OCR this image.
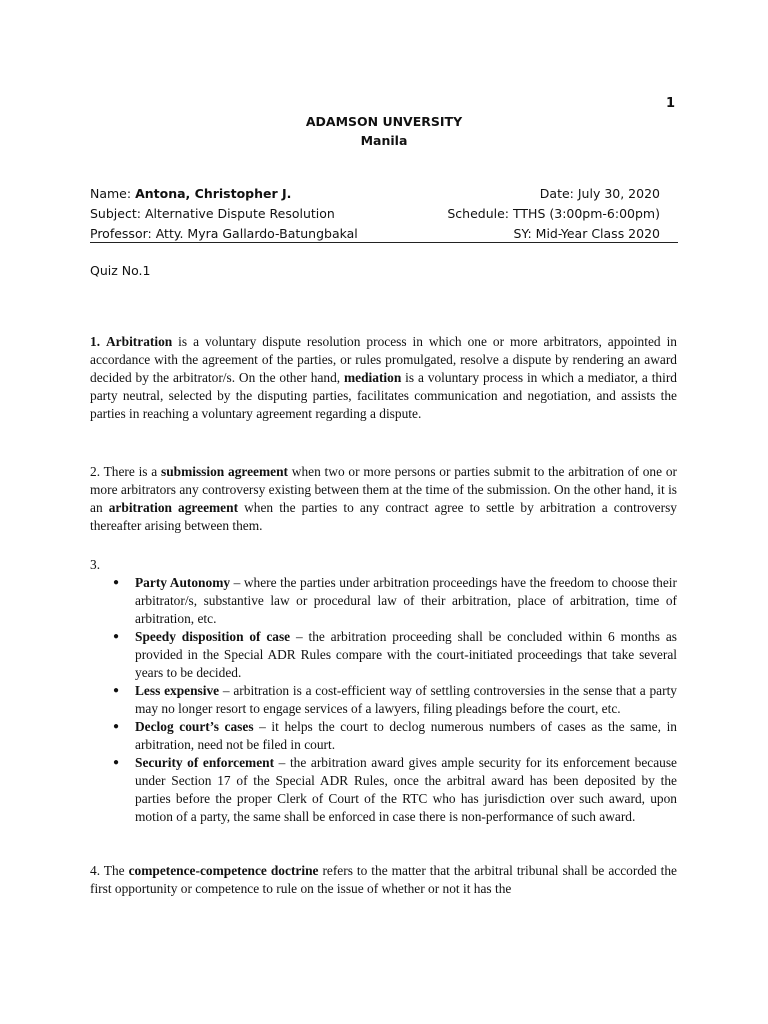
1
ADAMSON UNVERSITY
Manila
Name: Antona, Christopher J.	Date: July 30, 2020
Subject: Alternative Dispute Resolution	Schedule: TTHS (3:00pm-6:00pm)
Professor: Atty. Myra Gallardo-Batungbakal	SY: Mid-Year Class 2020
Quiz No.1
1. Arbitration is a voluntary dispute resolution process in which one or more arbitrators, appointed in accordance with the agreement of the parties, or rules promulgated, resolve a dispute by rendering an award decided by the arbitrator/s. On the other hand, mediation is a voluntary process in which a mediator, a third party neutral, selected by the disputing parties, facilitates communication and negotiation, and assists the parties in reaching a voluntary agreement regarding a dispute.
2. There is a submission agreement when two or more persons or parties submit to the arbitration of one or more arbitrators any controversy existing between them at the time of the submission. On the other hand, it is an arbitration agreement when the parties to any contract agree to settle by arbitration a controversy thereafter arising between them.
3.
● Party Autonomy – where the parties under arbitration proceedings have the freedom to choose their arbitrator/s, substantive law or procedural law of their arbitration, place of arbitration, time of arbitration, etc.
● Speedy disposition of case – the arbitration proceeding shall be concluded within 6 months as provided in the Special ADR Rules compare with the court-initiated proceedings that take several years to be decided.
● Less expensive – arbitration is a cost-efficient way of settling controversies in the sense that a party may no longer resort to engage services of a lawyers, filing pleadings before the court, etc.
● Declog court’s cases – it helps the court to declog numerous numbers of cases as the same, in arbitration, need not be filed in court.
● Security of enforcement – the arbitration award gives ample security for its enforcement because under Section 17 of the Special ADR Rules, once the arbitral award has been deposited by the parties before the proper Clerk of Court of the RTC who has jurisdiction over such award, upon motion of a party, the same shall be enforced in case there is non-performance of such award.
4. The competence-competence doctrine refers to the matter that the arbitral tribunal shall be accorded the first opportunity or competence to rule on the issue of whether or not it has the
